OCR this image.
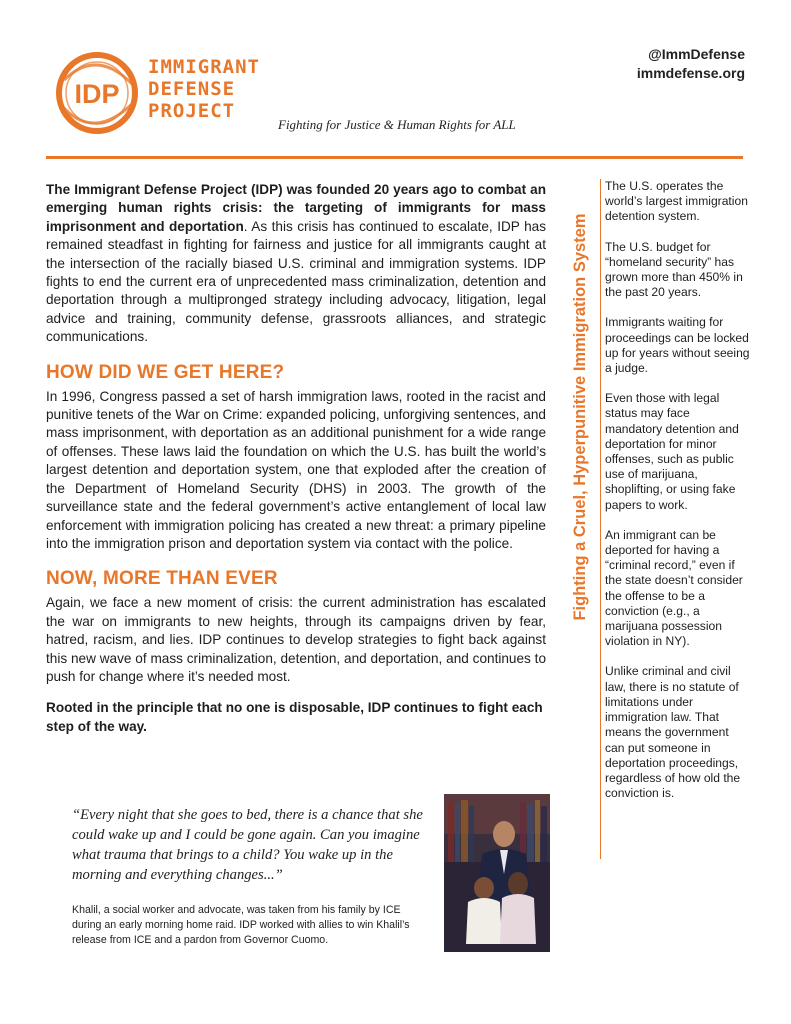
IDP
IMMIGRANT
DEFENSE
PROJECT
Fighting for Justice & Human Rights for ALL
@ImmDefense
immdefense.org

The Immigrant Defense Project (IDP) was founded 20 years ago to combat an emerging human rights crisis: the targeting of immigrants for mass imprisonment and deportation. As this crisis has continued to escalate, IDP has remained steadfast in fighting for fairness and justice for all immigrants caught at the intersection of the racially biased U.S. criminal and immigration systems. IDP fights to end the current era of unprecedented mass criminalization, detention and deportation through a multipronged strategy including advocacy, litigation, legal advice and training, community defense, grassroots alliances, and strategic communications.

HOW DID WE GET HERE?

In 1996, Congress passed a set of harsh immigration laws, rooted in the racist and punitive tenets of the War on Crime: expanded policing, unforgiving sentences, and mass imprisonment, with deportation as an additional punishment for a wide range of offenses. These laws laid the foundation on which the U.S. has built the world’s largest detention and deportation system, one that exploded after the creation of the Department of Homeland Security (DHS) in 2003. The growth of the surveillance state and the federal government’s active entanglement of local law enforcement with immigration policing has created a new threat: a primary pipeline into the immigration prison and deportation system via contact with the police.

NOW, MORE THAN EVER

Again, we face a new moment of crisis: the current administration has escalated the war on immigrants to new heights, through its campaigns driven by fear, hatred, racism, and lies. IDP continues to develop strategies to fight back against this new wave of mass criminalization, detention, and deportation, and continues to push for change where it’s needed most.

Rooted in the principle that no one is disposable, IDP continues to fight each step of the way.

Fighting a Cruel, Hyperpunitive Immigration System

The U.S. operates the world’s largest immigration detention system.

The U.S. budget for “homeland security” has grown more than 450% in the past 20 years.

Immigrants waiting for proceedings can be locked up for years without seeing a judge.

Even those with legal status may face mandatory detention and deportation for minor offenses, such as public use of marijuana, shoplifting, or using fake papers to work.

An immigrant can be deported for having a “criminal record,” even if the state doesn’t consider the offense to be a conviction (e.g., a marijuana possession violation in NY).

Unlike criminal and civil law, there is no statute of limitations under immigration law. That means the government can put someone in deportation proceedings, regardless of how old the conviction is.

“Every night that she goes to bed, there is a chance that she could wake up and I could be gone again. Can you imagine what trauma that brings to a child? You wake up in the morning and everything changes...”
Khalil, a social worker and advocate, was taken from his family by ICE during an early morning home raid. IDP worked with allies to win Khalil’s release from ICE and a pardon from Governor Cuomo.
